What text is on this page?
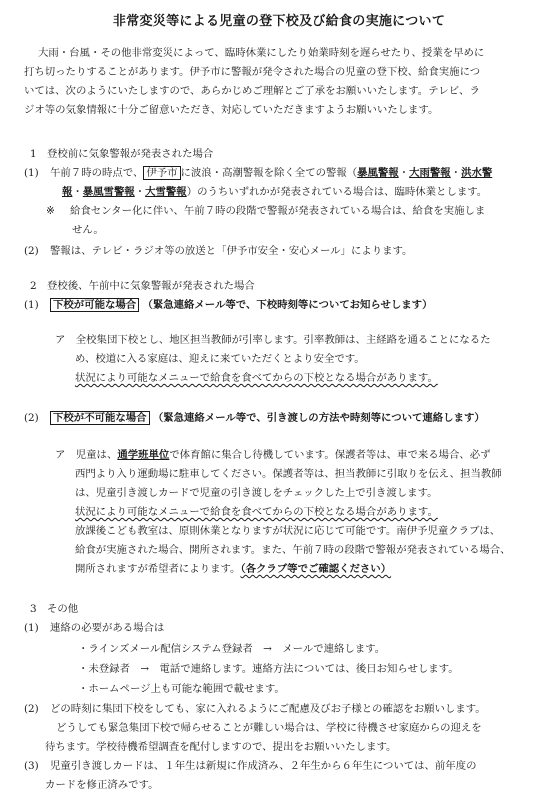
非常変災等による児童の登下校及び給食の実施について
大雨・台風・その他非常変災によって、臨時休業にしたり始業時刻を遅らせたり、授業を早めに
打ち切ったりすることがあります。伊予市に警報が発令された場合の児童の登下校、給食実施につ
いては、次のようにいたしますので、あらかじめご理解とご了承をお願いいたします。テレビ、ラ
ジオ等の気象情報に十分ご留意いただき、対応していただきますようお願いいたします。
1　登校前に気象警報が発表された場合
(1) 午前７時の時点で、 伊予市 に波浪・高潮警報を除く全ての警報（暴風警報・大雨警報・洪水警
報・暴風雪警報・大雪警報）のうちいずれかが発表されている場合は、臨時休業とします。
※ 給食センター化に伴い、午前７時の段階で警報が発表されている場合は、給食を実施しま
せん。
(2) 警報は、テレビ・ラジオ等の放送と「伊予市安全・安心メール」によります。
2　登校後、午前中に気象警報が発表された場合
(1) 下校が可能な場合 （緊急連絡メール等で、下校時刻等についてお知らせします）
ア　全校集団下校とし、地区担当教師が引率します。引率教師は、主経路を通ることになるた
め、校道に入る家庭は、迎えに来ていただくとより安全です。
状況により可能なメニューで給食を食べてからの下校となる場合があります。
(2) 下校が不可能な場合 （緊急連絡メール等で、引き渡しの方法や時刻等について連絡します）
ア　児童は、通学班単位で体育館に集合し待機しています。保護者等は、車で来る場合、必ず
西門より入り運動場に駐車してください。保護者等は、担当教師に引取りを伝え、担当教師
は、児童引き渡しカードで児童の引き渡しをチェックした上で引き渡します。
状況により可能なメニューで給食を食べてからの下校となる場合があります。
放課後こども教室は、原則休業となりますが状況に応じて可能です。南伊予児童クラブは、
給食が実施された場合、開所されます。また、午前７時の段階で警報が発表されている場合、
開所されますが希望者によります。（各クラブ等でご確認ください）
3　その他
(1) 連絡の必要がある場合は
・ラインズメール配信システム登録者　→　メールで連絡します。
・未登録者　→　電話で連絡します。連絡方法については、後日お知らせします。
・ホームページ上も可能な範囲で載せます。
(2) どの時刻に集団下校をしても、家に入れるようにご配慮及びお子様との確認をお願いします。
どうしても緊急集団下校で帰らせることが難しい場合は、学校に待機させ家庭からの迎えを
待ちます。学校待機希望調査を配付しますので、提出をお願いいたします。
(3) 児童引き渡しカードは、１年生は新規に作成済み、２年生から６年生については、前年度の
カードを修正済みです。
